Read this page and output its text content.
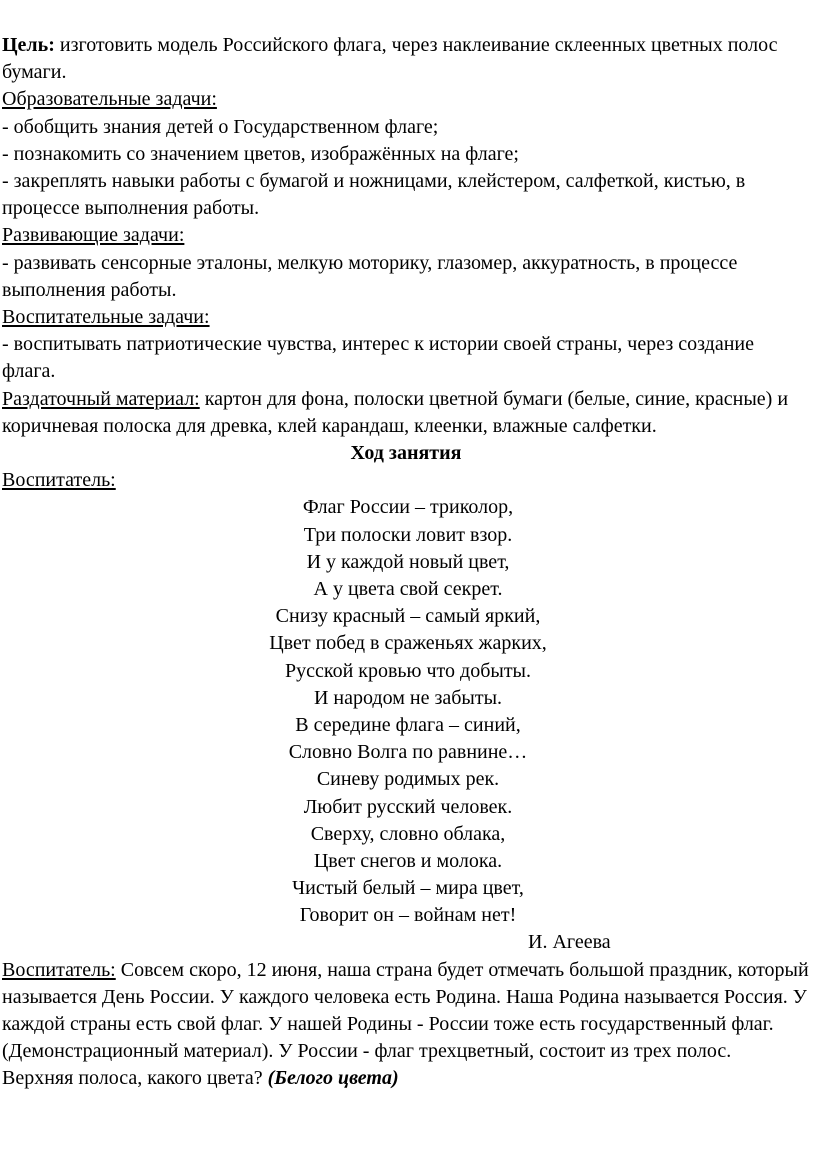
Цель: изготовить модель Российского флага, через наклеивание склеенных цветных полос бумаги.
Образовательные задачи:
- обобщить знания детей о Государственном флаге;
- познакомить со значением цветов, изображённых на флаге;
- закреплять навыки работы с бумагой и ножницами, клейстером, салфеткой, кистью, в процессе выполнения работы.
Развивающие задачи:
- развивать сенсорные эталоны, мелкую моторику, глазомер, аккуратность, в процессе выполнения работы.
Воспитательные задачи:
- воспитывать патриотические чувства, интерес к истории своей страны, через создание флага.
Раздаточный материал: картон для фона, полоски цветной бумаги (белые, синие, красные) и коричневая полоска для древка, клей карандаш, клеенки, влажные салфетки.
Ход занятия
Воспитатель:
Флаг России – триколор,
Три полоски ловит взор.
И у каждой новый цвет,
А у цвета свой секрет.
Снизу красный – самый яркий,
Цвет побед в сраженьях жарких,
Русской кровью что добыты.
И народом не забыты.
В середине флага – синий,
Словно Волга по равнине…
Синеву родимых рек.
Любит русский человек.
Сверху, словно облака,
Цвет снегов и молока.
Чистый белый – мира цвет,
Говорит он – войнам нет!
И. Агеева
Воспитатель: Совсем скоро, 12 июня, наша страна будет отмечать большой праздник, который называется День России. У каждого человека есть Родина. Наша Родина называется Россия. У каждой страны есть свой флаг. У нашей Родины - России тоже есть государственный флаг. (Демонстрационный материал). У России - флаг трехцветный, состоит из трех полос.
Верхняя полоса, какого цвета? (Белого цвета)
